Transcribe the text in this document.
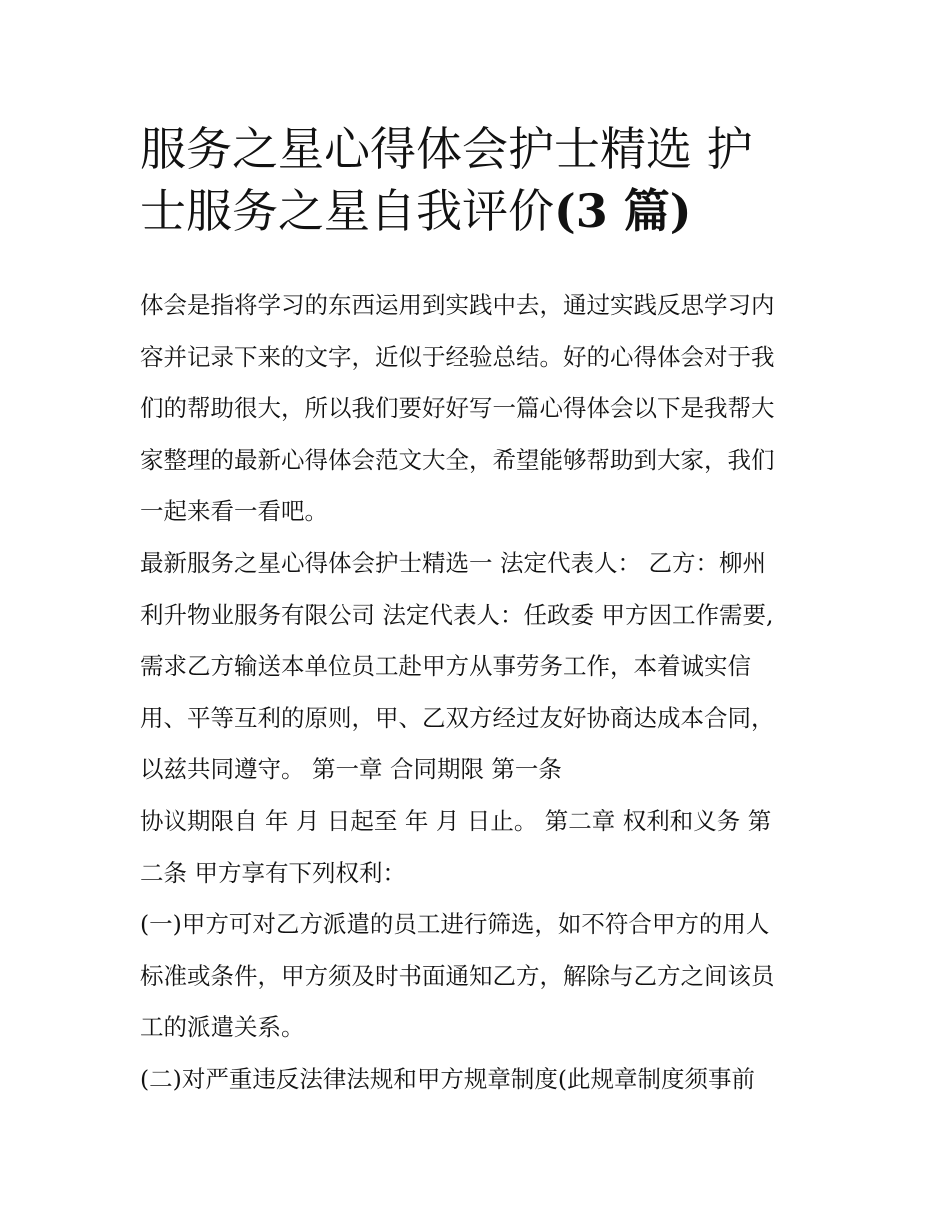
服务之星心得体会护士精选 护
士服务之星自我评价(3 篇)
体会是指将学习的东西运用到实践中去，通过实践反思学习内
容并记录下来的文字，近似于经验总结。好的心得体会对于我
们的帮助很大，所以我们要好好写一篇心得体会以下是我帮大
家整理的最新心得体会范文大全，希望能够帮助到大家，我们
一起来看一看吧。
最新服务之星心得体会护士精选一 法定代表人： 乙方：柳州
利升物业服务有限公司 法定代表人：任政委 甲方因工作需要,
需求乙方输送本单位员工赴甲方从事劳务工作，本着诚实信
用、平等互利的原则，甲、乙双方经过友好协商达成本合同，
以兹共同遵守。 第一章 合同期限 第一条
协议期限自 年 月 日起至 年 月 日止。 第二章 权利和义务 第
二条 甲方享有下列权利：
(一)甲方可对乙方派遣的员工进行筛选，如不符合甲方的用人
标准或条件，甲方须及时书面通知乙方，解除与乙方之间该员
工的派遣关系。
(二)对严重违反法律法规和甲方规章制度(此规章制度须事前
